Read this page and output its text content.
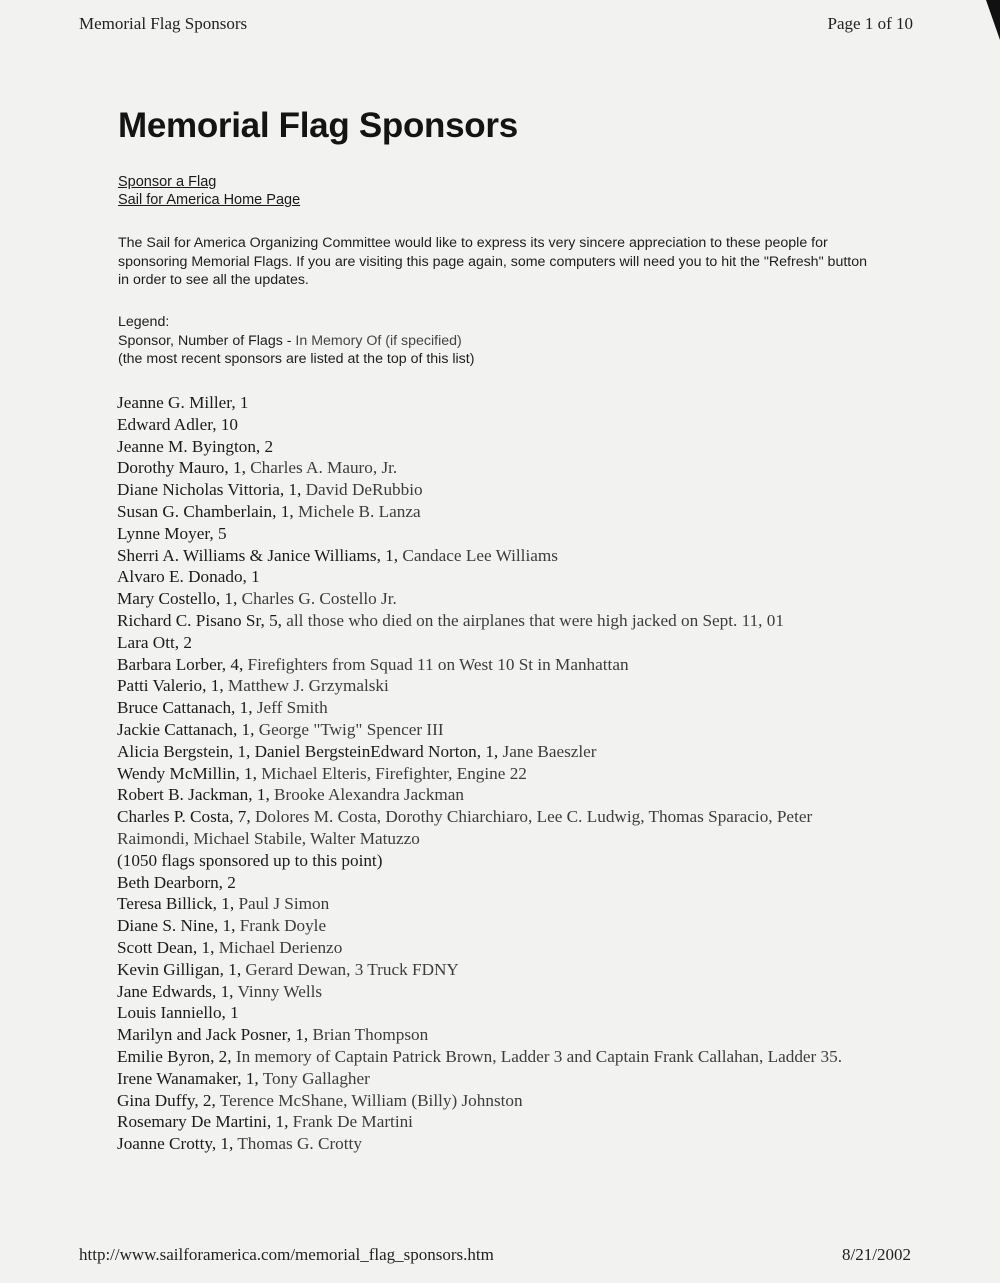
Memorial Flag Sponsors	Page 1 of 10
Memorial Flag Sponsors
Sponsor a Flag
Sail for America Home Page

The Sail for America Organizing Committee would like to express its very sincere appreciation to these people for sponsoring Memorial Flags. If you are visiting this page again, some computers will need you to hit the "Refresh" button in order to see all the updates.

Legend:
Sponsor, Number of Flags - In Memory Of (if specified)
(the most recent sponsors are listed at the top of this list)
Jeanne G. Miller, 1
Edward Adler, 10
Jeanne M. Byington, 2
Dorothy Mauro, 1, Charles A. Mauro, Jr.
Diane Nicholas Vittoria, 1, David DeRubbio
Susan G. Chamberlain, 1, Michele B. Lanza
Lynne Moyer, 5
Sherri A. Williams & Janice Williams, 1, Candace Lee Williams
Alvaro E. Donado, 1
Mary Costello, 1, Charles G. Costello Jr.
Richard C. Pisano Sr, 5, all those who died on the airplanes that were high jacked on Sept. 11, 01
Lara Ott, 2
Barbara Lorber, 4, Firefighters from Squad 11 on West 10 St in Manhattan
Patti Valerio, 1, Matthew J. Grzymalski
Bruce Cattanach, 1, Jeff Smith
Jackie Cattanach, 1, George "Twig" Spencer III
Alicia Bergstein, 1, Daniel BergsteinEdward Norton, 1, Jane Baeszler
Wendy McMillin, 1, Michael Elteris, Firefighter, Engine 22
Robert B. Jackman, 1, Brooke Alexandra Jackman
Charles P. Costa, 7, Dolores M. Costa, Dorothy Chiarchiaro, Lee C. Ludwig, Thomas Sparacio, Peter Raimondi, Michael Stabile, Walter Matuzzo
(1050 flags sponsored up to this point)
Beth Dearborn, 2
Teresa Billick, 1, Paul J Simon
Diane S. Nine, 1, Frank Doyle
Scott Dean, 1, Michael Derienzo
Kevin Gilligan, 1, Gerard Dewan, 3 Truck FDNY
Jane Edwards, 1, Vinny Wells
Louis Ianniello, 1
Marilyn and Jack Posner, 1, Brian Thompson
Emilie Byron, 2, In memory of Captain Patrick Brown, Ladder 3 and Captain Frank Callahan, Ladder 35.
Irene Wanamaker, 1, Tony Gallagher
Gina Duffy, 2, Terence McShane, William (Billy) Johnston
Rosemary De Martini, 1, Frank De Martini
Joanne Crotty, 1, Thomas G. Crotty
http://www.sailforamerica.com/memorial_flag_sponsors.htm	8/21/2002
